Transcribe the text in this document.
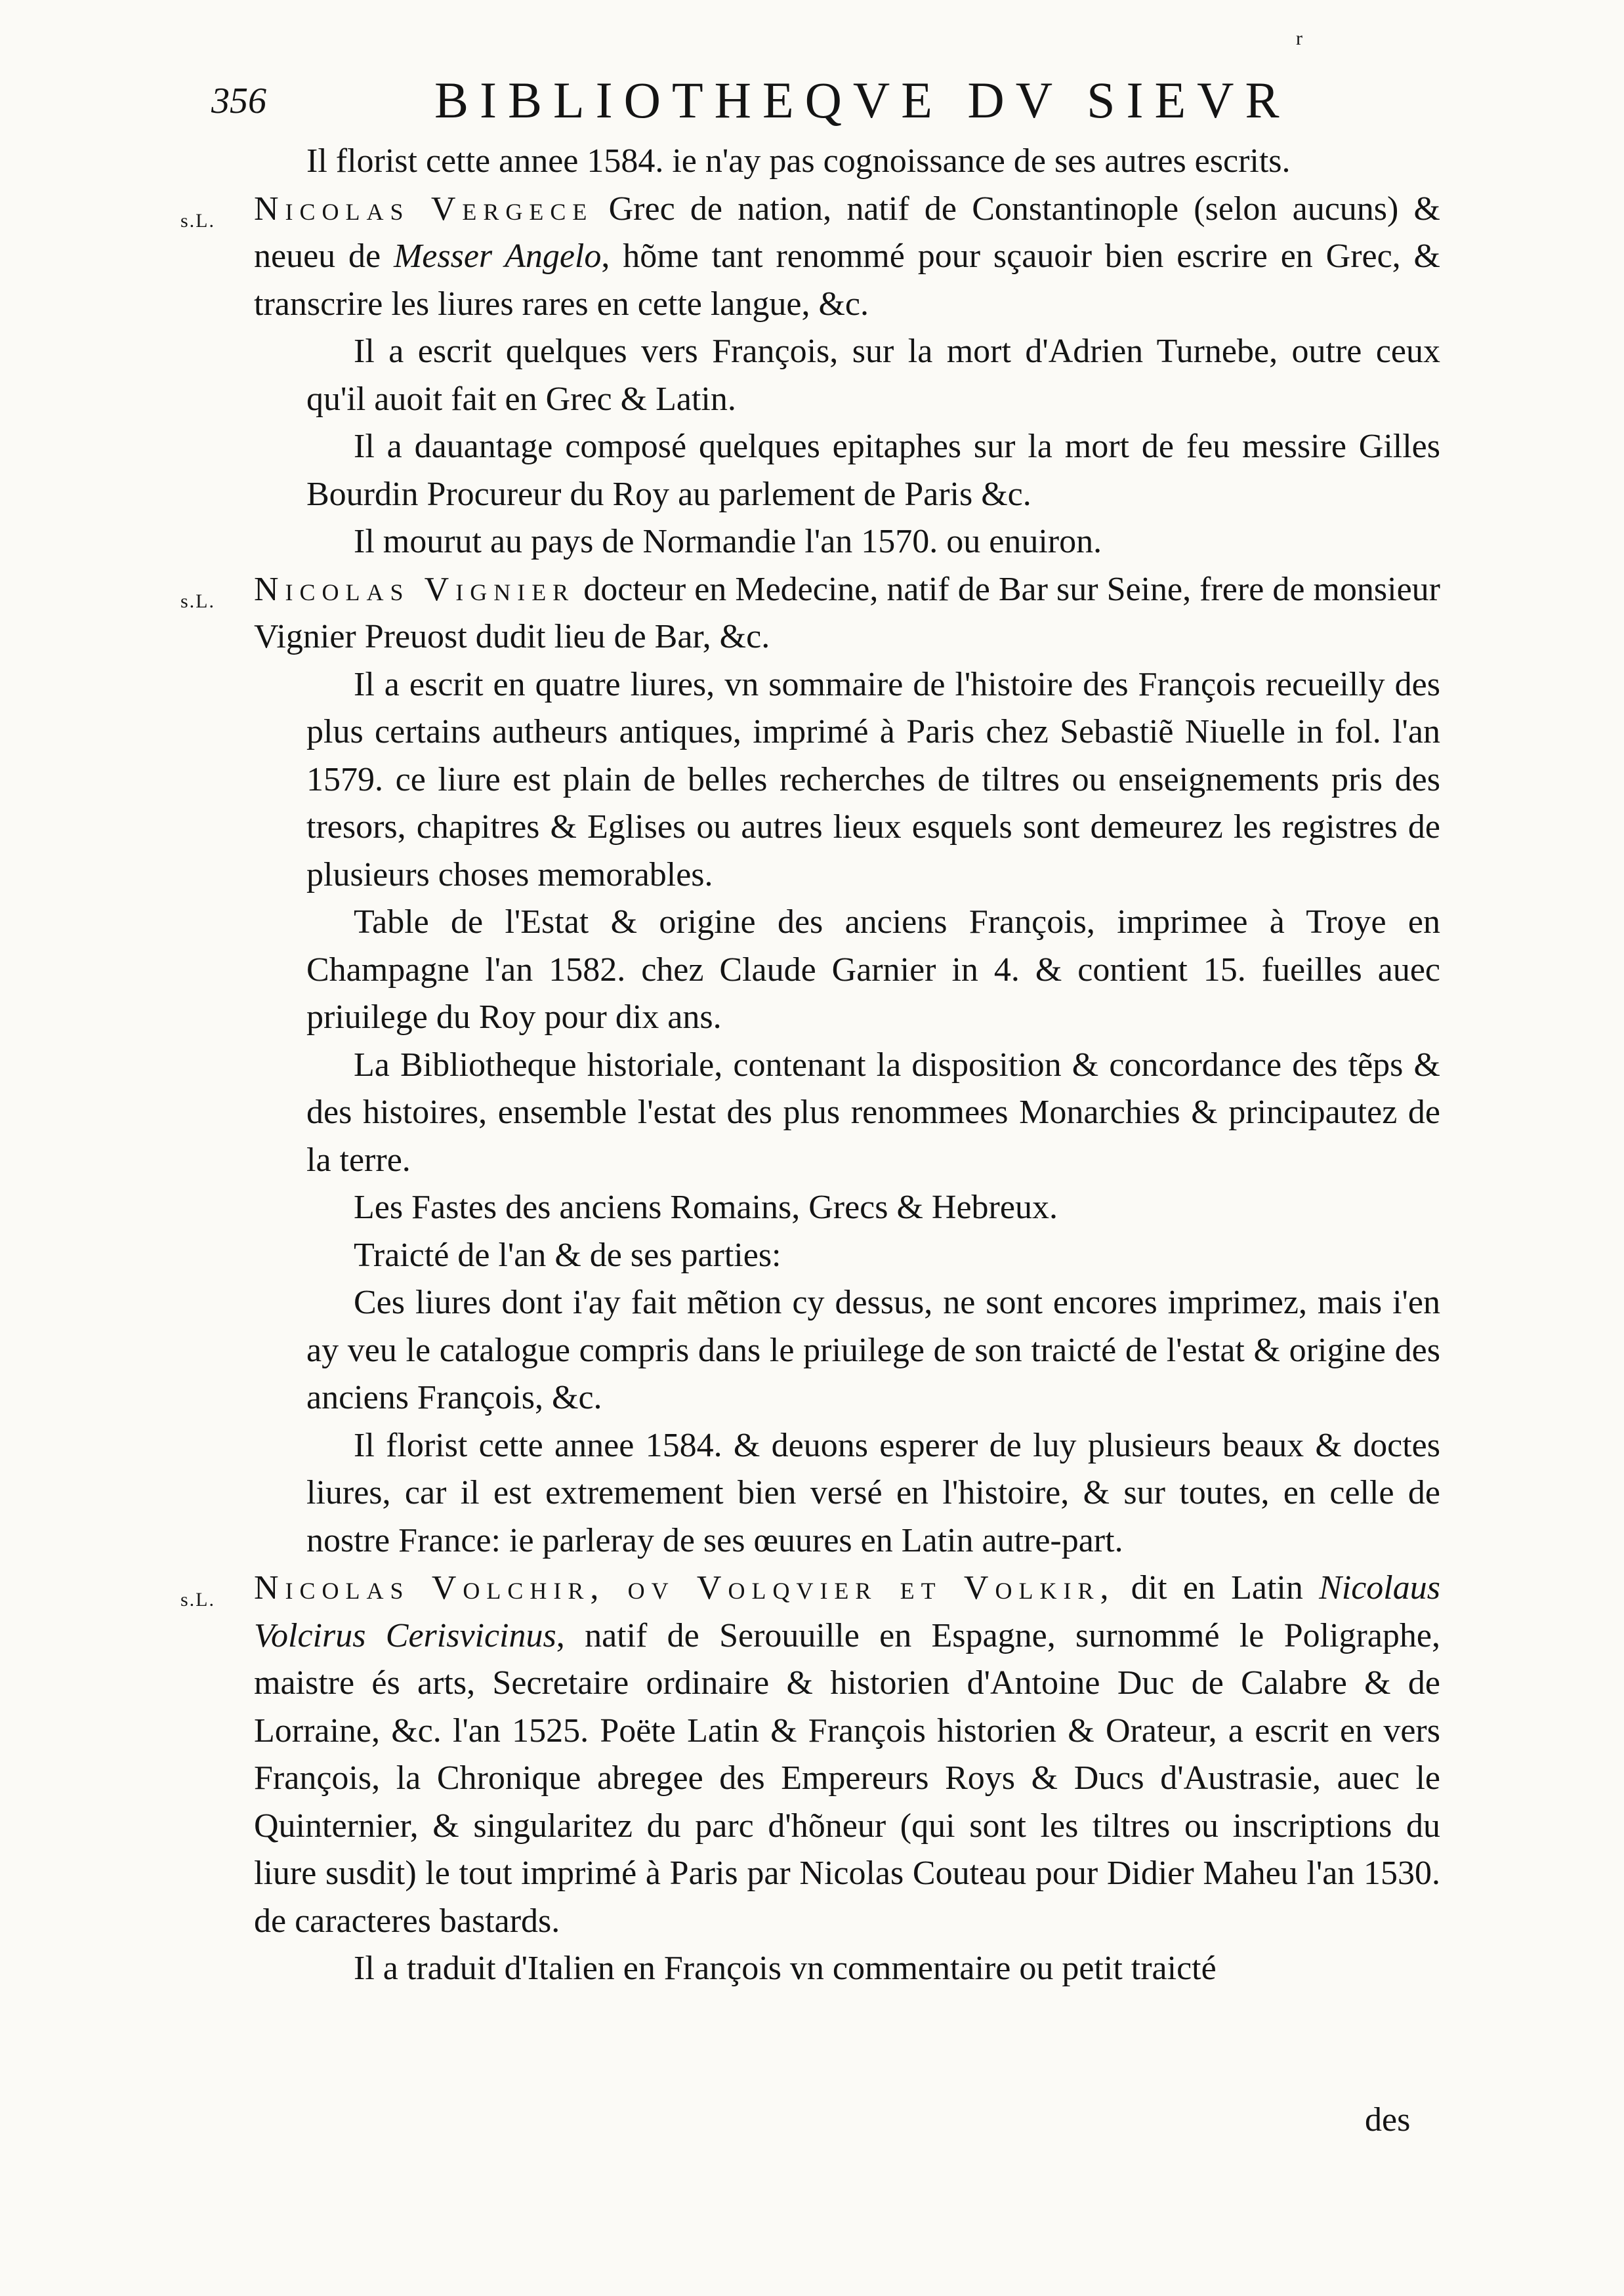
r
356	BIBLIOTHEQVE DV SIEVR
Il florist cette annee 1584. ie n'ay pas cognoissance de ses autres escrits.
s.L.	Nicolas Vergece Grec de nation, natif de Constantinople (selon aucuns) & neueu de Messer Angelo, hõme tant renommé pour sçauoir bien escrire en Grec, & transcrire les liures rares en cette langue, &c.
Il a escrit quelques vers François, sur la mort d'Adrien Turnebe, outre ceux qu'il auoit fait en Grec & Latin.
Il a dauantage composé quelques epitaphes sur la mort de feu messire Gilles Bourdin Procureur du Roy au parlement de Paris &c.
Il mourut au pays de Normandie l'an 1570. ou enuiron.
s.L.	Nicolas Vignier docteur en Medecine, natif de Bar sur Seine, frere de monsieur Vignier Preuost dudit lieu de Bar, &c.
Il a escrit en quatre liures, vn sommaire de l'histoire des François recueilly des plus certains autheurs antiques, imprimé à Paris chez Sebastiẽ Niuelle in fol. l'an 1579. ce liure est plain de belles recherches de tiltres ou enseignements pris des tresors, chapitres & Eglises ou autres lieux esquels sont demeurez les registres de plusieurs choses memorables.
Table de l'Estat & origine des anciens François, imprimee à Troye en Champagne l'an 1582. chez Claude Garnier in 4. & contient 15. fueilles auec priuilege du Roy pour dix ans.
La Bibliotheque historiale, contenant la disposition & concordance des tẽps & des histoires, ensemble l'estat des plus renommees Monarchies & principautez de la terre.
Les Fastes des anciens Romains, Grecs & Hebreux.
Traicté de l'an & de ses parties:
Ces liures dont i'ay fait mẽtion cy dessus, ne sont encores imprimez, mais i'en ay veu le catalogue compris dans le priuilege de son traicté de l'estat & origine des anciens François, &c.
Il florist cette annee 1584. & deuons esperer de luy plusieurs beaux & doctes liures, car il est extremement bien versé en l'histoire, & sur toutes, en celle de nostre France: ie parleray de ses œuures en Latin autre-part.
s.L.	Nicolas Volchir, ov Volqvier et Volkir, dit en Latin Nicolaus Volcirus Cerisvicinus, natif de Serouuille en Espagne, surnommé le Poligraphe, maistre és arts, Secretaire ordinaire & historien d'Antoine Duc de Calabre & de Lorraine, &c. l'an 1525. Poëte Latin & François historien & Orateur, a escrit en vers François, la Chronique abregee des Empereurs Roys & Ducs d'Austrasie, auec le Quinternier, & singularitez du parc d'hõneur (qui sont les tiltres ou inscriptions du liure susdit) le tout imprimé à Paris par Nicolas Couteau pour Didier Maheu l'an 1530. de caracteres bastards.
Il a traduit d'Italien en François vn commentaire ou petit traicté
des
